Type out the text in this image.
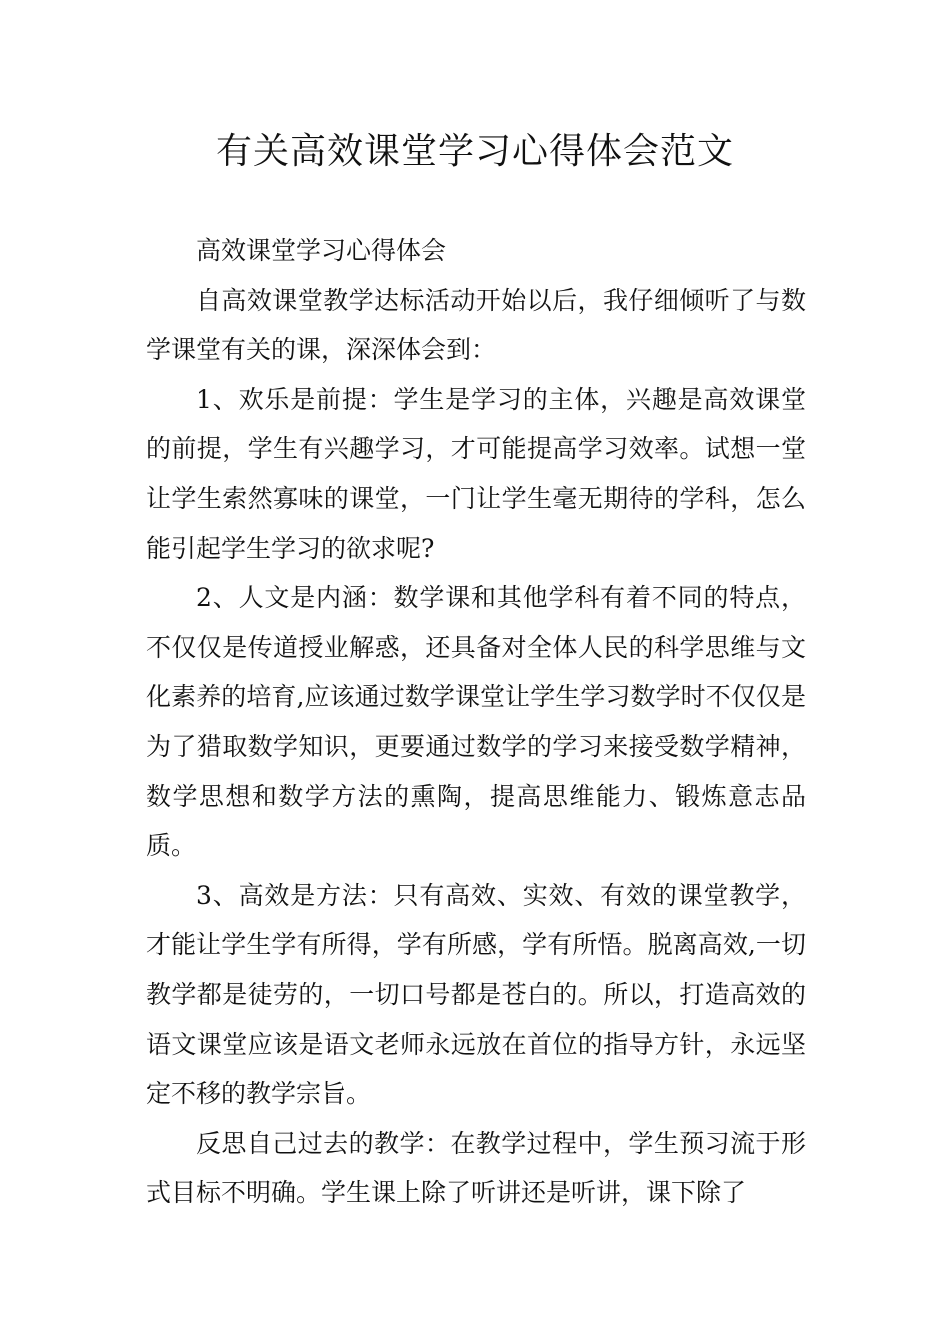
有关高效课堂学习心得体会范文

高效课堂学习心得体会

自高效课堂教学达标活动开始以后，我仔细倾听了与数学课堂有关的课，深深体会到：

1、欢乐是前提：学生是学习的主体，兴趣是高效课堂的前提，学生有兴趣学习，才可能提高学习效率。试想一堂让学生索然寡味的课堂，一门让学生毫无期待的学科，怎么能引起学生学习的欲求呢?

2、人文是内涵：数学课和其他学科有着不同的特点，不仅仅是传道授业解惑，还具备对全体人民的科学思维与文化素养的培育,应该通过数学课堂让学生学习数学时不仅仅是为了猎取数学知识，更要通过数学的学习来接受数学精神，数学思想和数学方法的熏陶，提高思维能力、锻炼意志品质。

3、高效是方法：只有高效、实效、有效的课堂教学，才能让学生学有所得，学有所感，学有所悟。脱离高效,一切教学都是徒劳的，一切口号都是苍白的。所以，打造高效的语文课堂应该是语文老师永远放在首位的指导方针，永远坚定不移的教学宗旨。

反思自己过去的教学：在教学过程中，学生预习流于形式目标不明确。学生课上除了听讲还是听讲，课下除了
